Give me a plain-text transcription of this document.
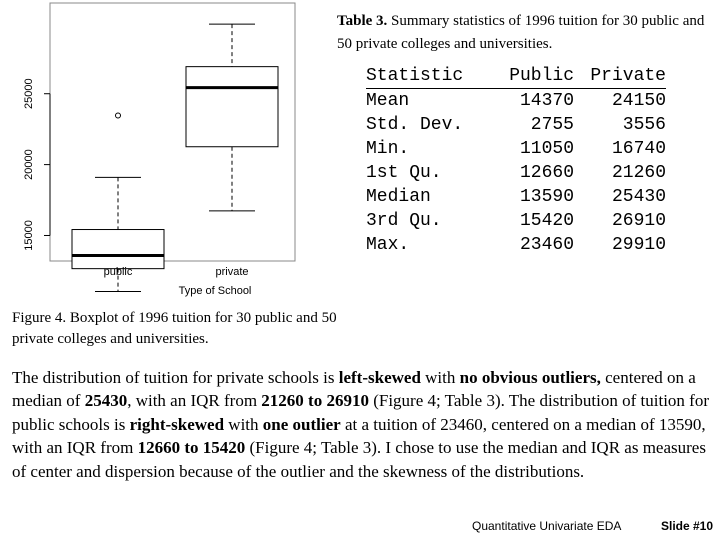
15000
20000
25000
public	private
Type of School
Table 3. Summary statistics of 1996 tuition for 30 public and 50 private colleges and universities.
Statistic	Public	Private
Mean	14370	24150
Std. Dev.	2755	3556
Min.	11050	16740
1st Qu.	12660	21260
Median	13590	25430
3rd Qu.	15420	26910
Max.	23460	29910
Figure 4. Boxplot of 1996 tuition for 30 public and 50 private colleges and universities.
The distribution of tuition for private schools is left-skewed with no obvious outliers, centered on a median of 25430, with an IQR from 21260 to 26910 (Figure 4; Table 3). The distribution of tuition for public schools is right-skewed with one outlier at a tuition of 23460, centered on a median of 13590, with an IQR from 12660 to 15420 (Figure 4; Table 3). I chose to use the median and IQR as measures of center and dispersion because of the outlier and the skewness of the distributions.
Quantitative Univariate EDA	Slide #10
